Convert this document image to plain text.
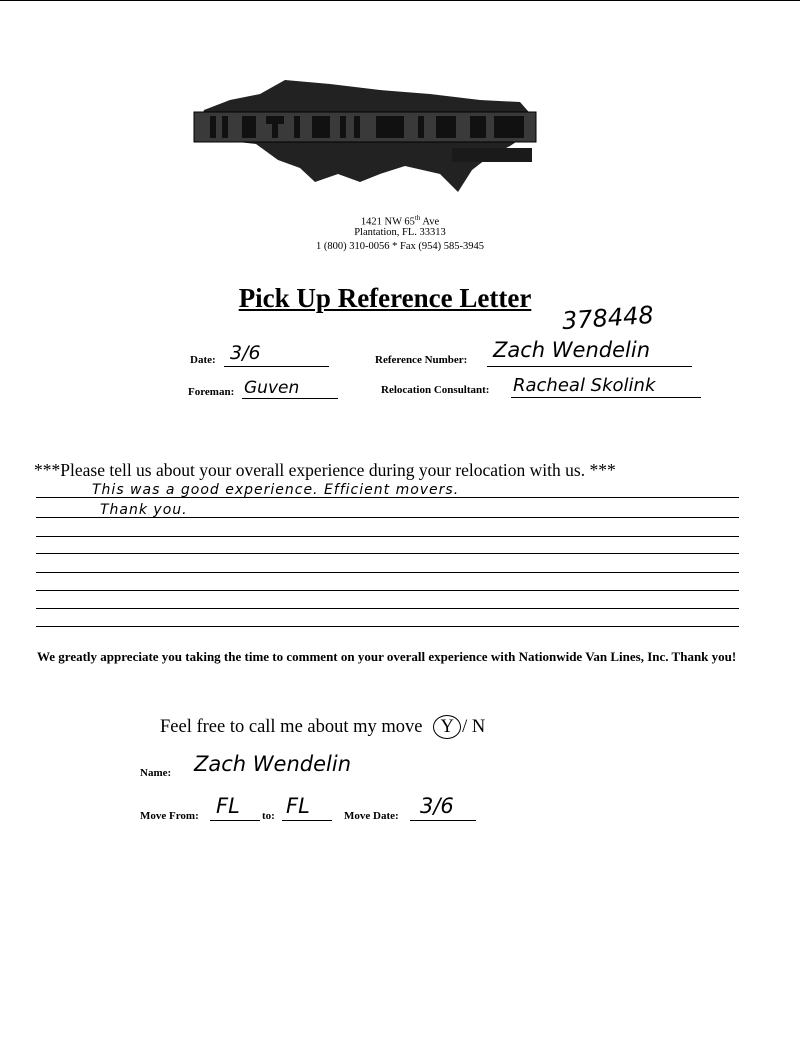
1421 NW 65th Ave
Plantation, FL. 33313
1 (800) 310-0056 * Fax (954) 585-3945
Pick Up Reference Letter
378448
Date: 3/6
Foreman: Guven
Reference Number: Zach Wendelin
Relocation Consultant: Racheal Skolink
***Please tell us about your overall experience during your relocation with us. ***
This was a good experience. Efficient movers.
Thank you.
We greatly appreciate you taking the time to comment on your overall experience with Nationwide Van Lines, Inc. Thank you!
Feel free to call me about my move Y / N
Name: Zach Wendelin
Move From: FL to: FL	Move Date: 3/6
